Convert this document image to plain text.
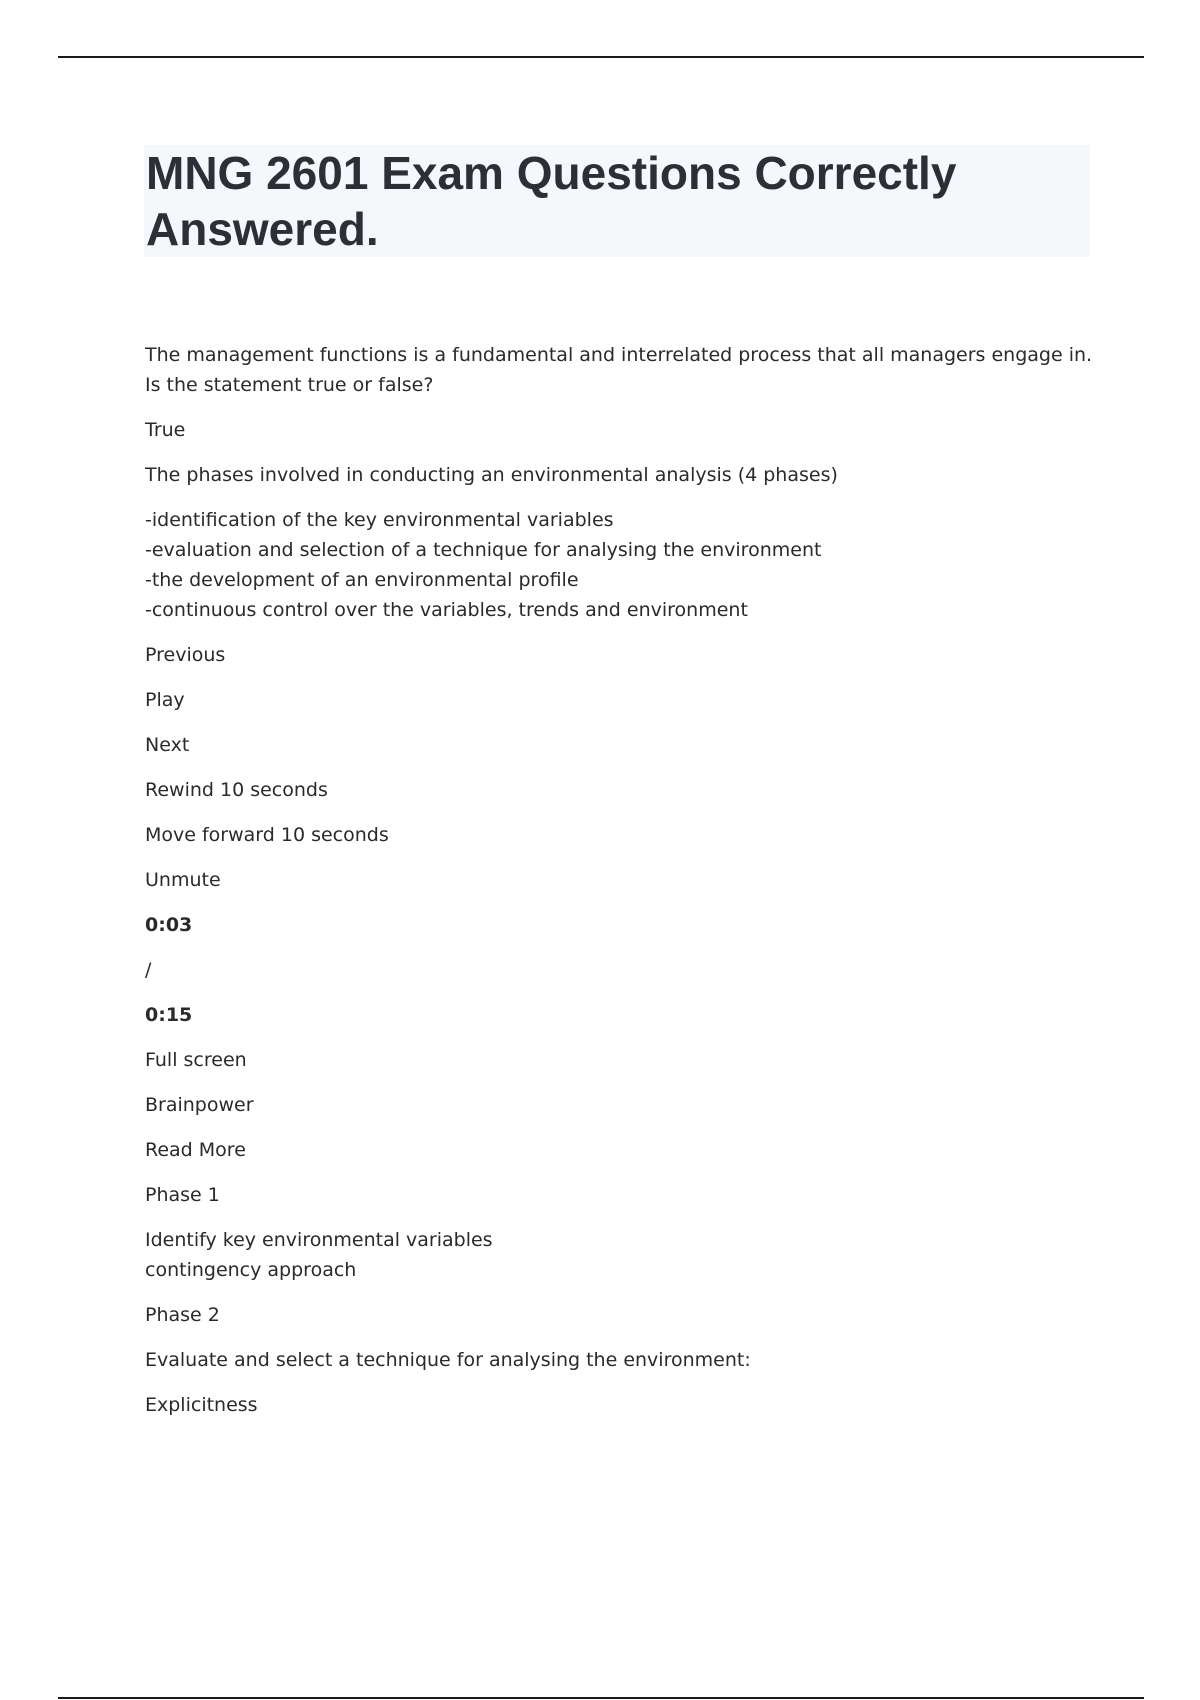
MNG 2601 Exam Questions Correctly Answered.

The management functions is a fundamental and interrelated process that all managers engage in. Is the statement true or false?

True

The phases involved in conducting an environmental analysis (4 phases)

-identification of the key environmental variables
-evaluation and selection of a technique for analysing the environment
-the development of an environmental profile
-continuous control over the variables, trends and environment

Previous

Play

Next

Rewind 10 seconds

Move forward 10 seconds

Unmute

0:03

/

0:15

Full screen

Brainpower

Read More

Phase 1

Identify key environmental variables
contingency approach

Phase 2

Evaluate and select a technique for analysing the environment:

Explicitness
